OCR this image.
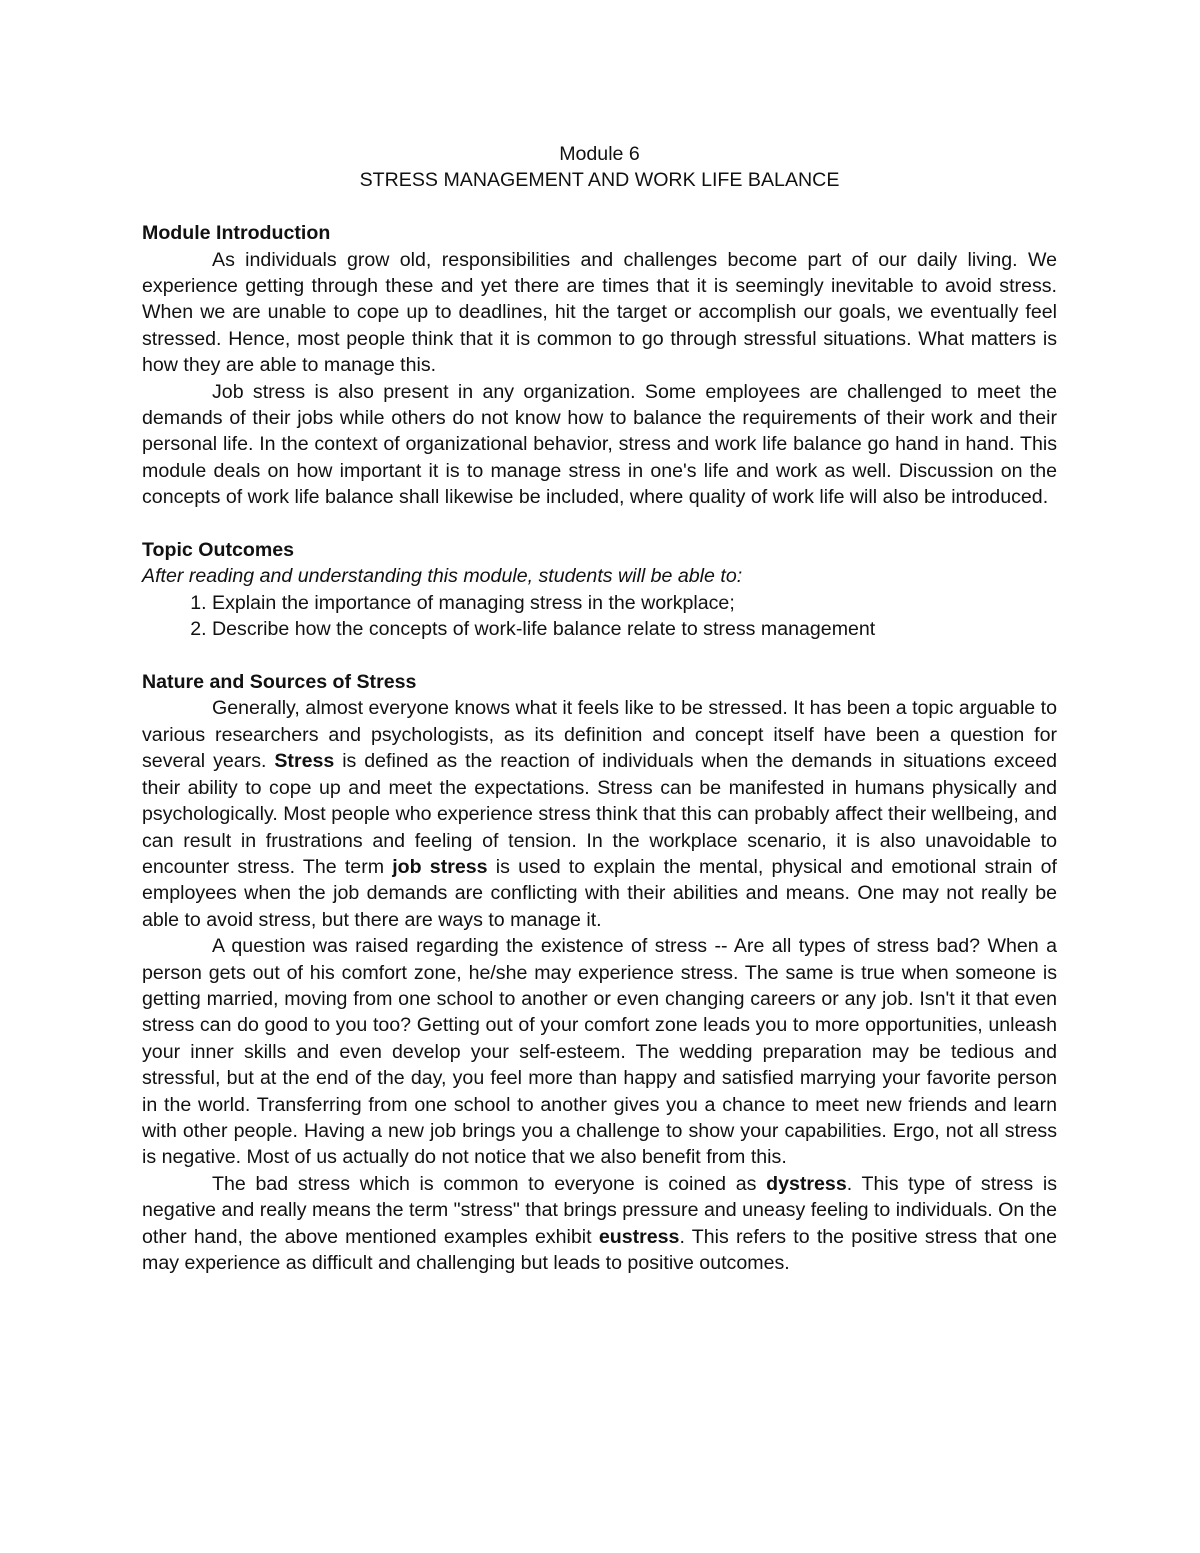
Module 6

STRESS MANAGEMENT AND WORK LIFE BALANCE

Module Introduction

As individuals grow old, responsibilities and challenges become part of our daily living. We experience getting through these and yet there are times that it is seemingly inevitable to avoid stress. When we are unable to cope up to deadlines, hit the target or accomplish our goals, we eventually feel stressed. Hence, most people think that it is common to go through stressful situations. What matters is how they are able to manage this.

Job stress is also present in any organization. Some employees are challenged to meet the demands of their jobs while others do not know how to balance the requirements of their work and their personal life. In the context of organizational behavior, stress and work life balance go hand in hand. This module deals on how important it is to manage stress in one's life and work as well. Discussion on the concepts of work life balance shall likewise be included, where quality of work life will also be introduced.

Topic Outcomes

After reading and understanding this module, students will be able to:

1. Explain the importance of managing stress in the workplace;
2. Describe how the concepts of work-life balance relate to stress management
Nature and Sources of Stress

Generally, almost everyone knows what it feels like to be stressed. It has been a topic arguable to various researchers and psychologists, as its definition and concept itself have been a question for several years. Stress is defined as the reaction of individuals when the demands in situations exceed their ability to cope up and meet the expectations. Stress can be manifested in humans physically and psychologically. Most people who experience stress think that this can probably affect their wellbeing, and can result in frustrations and feeling of tension. In the workplace scenario, it is also unavoidable to encounter stress. The term job stress is used to explain the mental, physical and emotional strain of employees when the job demands are conflicting with their abilities and means. One may not really be able to avoid stress, but there are ways to manage it.

A question was raised regarding the existence of stress -- Are all types of stress bad? When a person gets out of his comfort zone, he/she may experience stress. The same is true when someone is getting married, moving from one school to another or even changing careers or any job. Isn't it that even stress can do good to you too? Getting out of your comfort zone leads you to more opportunities, unleash your inner skills and even develop your self-esteem. The wedding preparation may be tedious and stressful, but at the end of the day, you feel more than happy and satisfied marrying your favorite person in the world. Transferring from one school to another gives you a chance to meet new friends and learn with other people. Having a new job brings you a challenge to show your capabilities. Ergo, not all stress is negative. Most of us actually do not notice that we also benefit from this.

The bad stress which is common to everyone is coined as dystress. This type of stress is negative and really means the term "stress" that brings pressure and uneasy feeling to individuals. On the other hand, the above mentioned examples exhibit eustress. This refers to the positive stress that one may experience as difficult and challenging but leads to positive outcomes.
